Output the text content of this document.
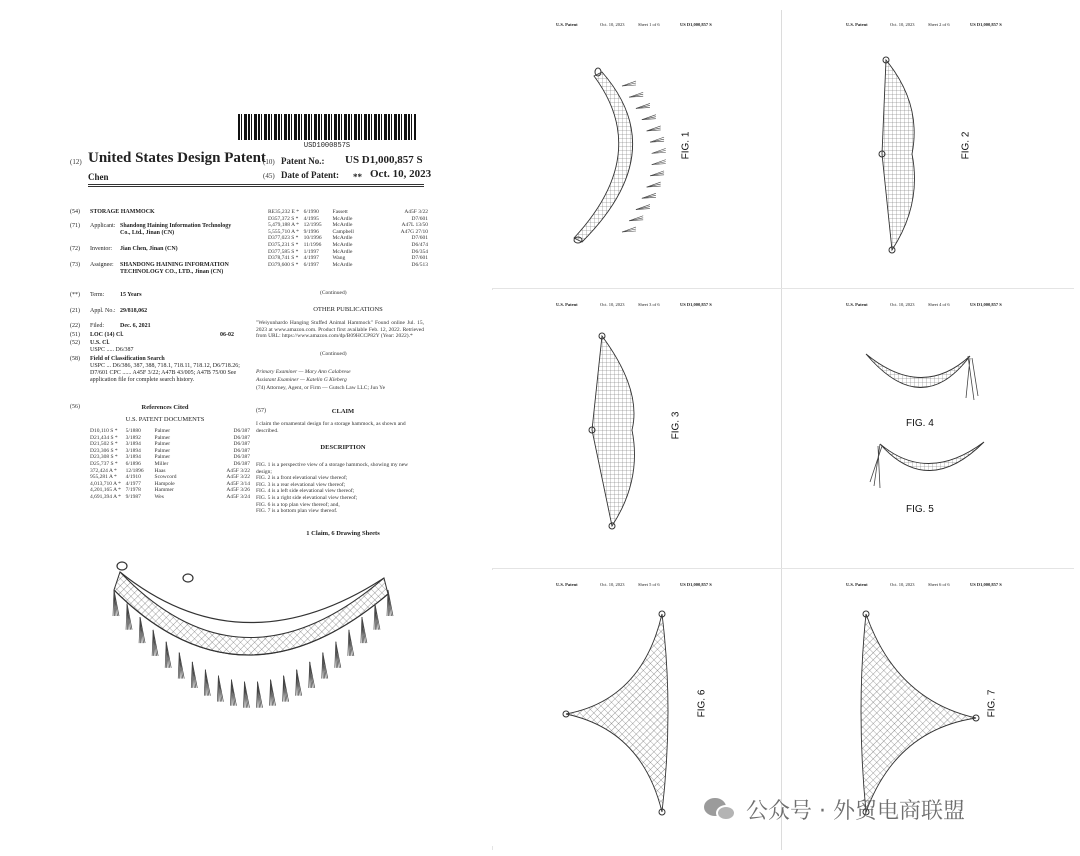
USD1000857S
(12) United States Design Patent
Chen
(10) Patent No.: US D1,000,857 S
(45) Date of Patent: ** Oct. 10, 2023
(54) STORAGE HAMMOCK
(71) Applicant: Shandong Haining Information Technology Co., Ltd., Jinan (CN)
(72) Inventor: Jian Chen, Jinan (CN)
(73) Assignee: SHANDONG HAINING INFORMATION TECHNOLOGY CO., LTD., Jinan (CN)
(**) Term:	15 Years
(21) Appl. No.: 29/818,062
(22) Filed:	Dec. 6, 2021
(51) LOC (14) Cl.	06-02
(52) U.S. Cl.
USPC ..... D6/387
(58) Field of Classification Search
USPC ... D6/386, 387, 388, 718.1, 718.11, 718.12, D6/718.26; D7/601 CPC ...... A45F 3/22; A47B 43/005; A47B 75/00 See application file for complete search history.
(56)	References Cited
U.S. PATENT DOCUMENTS
D10,110 S *	5/1880	Palmer	D6/387
D21,434 S *	3/1892	Palmer	D6/387
D21,502 S *	3/1894	Palmer	D6/387
D23,306 S *	3/1894	Palmer	D6/387
D23,308 S *	3/1894	Palmer	D6/387
D25,737 S *	6/1896	Miller	D6/387
372,424 A *	12/1896	Haas	A45F 3/22
955,281 A *	4/1910	Scowcord	A45F 3/22
4,013,710 A * 4/1977	Hampole	A45F 3/14
4,201,165 A * 7/1978	Hammer	A45F 3/26
4,691,394 A * 9/1987	Wes	A45F 3/24
RE35,232 E * 6/1990	Fassett	A45F 3/22
D357,372 S * 4/1995	McArdle	D7/601
5,479,188 A * 12/1995	McArdle	A47L 13/50
5,555,710 A * 9/1996	Campbell	A47G 27/10
D377,023 S * 10/1996	McArdle	D7/601
D375,231 S * 11/1996	McArdle	D6/474
D377,585 S * 1/1997	McArdle	D6/354
D378,741 S * 4/1997	Wang	D7/601
D379,600 S * 6/1997	McArdle	D6/513
(Continued)
OTHER PUBLICATIONS
"Weiyunhardo Hanging Stuffed Animal Hammock" Found online Jul. 15, 2023 at www.amazon.com. Product first available Feb. 12, 2022. Retrieved from URL: https://www.amazon.com/dp/B09HCCP82Y (Year: 2022).*
(Continued)
Primary Examiner — Mary Ann Calabrese
Assistant Examiner — Katelin G Kleberg
(74) Attorney, Agent, or Firm — Gutsch Law LLC; Jun Ye
(57)	CLAIM
I claim the ornamental design for a storage hammock, as shown and described.
DESCRIPTION
FIG. 1 is a perspective view of a storage hammock, showing my new design;
FIG. 2 is a front elevational view thereof;
FIG. 3 is a rear elevational view thereof;
FIG. 4 is a left side elevational view thereof;
FIG. 5 is a right side elevational view thereof;
FIG. 6 is a top plan view thereof; and,
FIG. 7 is a bottom plan view thereof.
1 Claim, 6 Drawing Sheets
U.S. Patent	Oct. 10, 2023	Sheet 1 of 6	US D1,000,857 S
FIG. 1
U.S. Patent	Oct. 10, 2023	Sheet 2 of 6	US D1,000,857 S
FIG. 2
U.S. Patent	Oct. 10, 2023	Sheet 3 of 6	US D1,000,857 S
FIG. 3
U.S. Patent	Oct. 10, 2023	Sheet 4 of 6	US D1,000,857 S
FIG. 4
FIG. 5
U.S. Patent	Oct. 10, 2023	Sheet 5 of 6	US D1,000,857 S
FIG. 6
U.S. Patent	Oct. 10, 2023	Sheet 6 of 6	US D1,000,857 S
FIG. 7
公众号 · 外贸电商联盟
